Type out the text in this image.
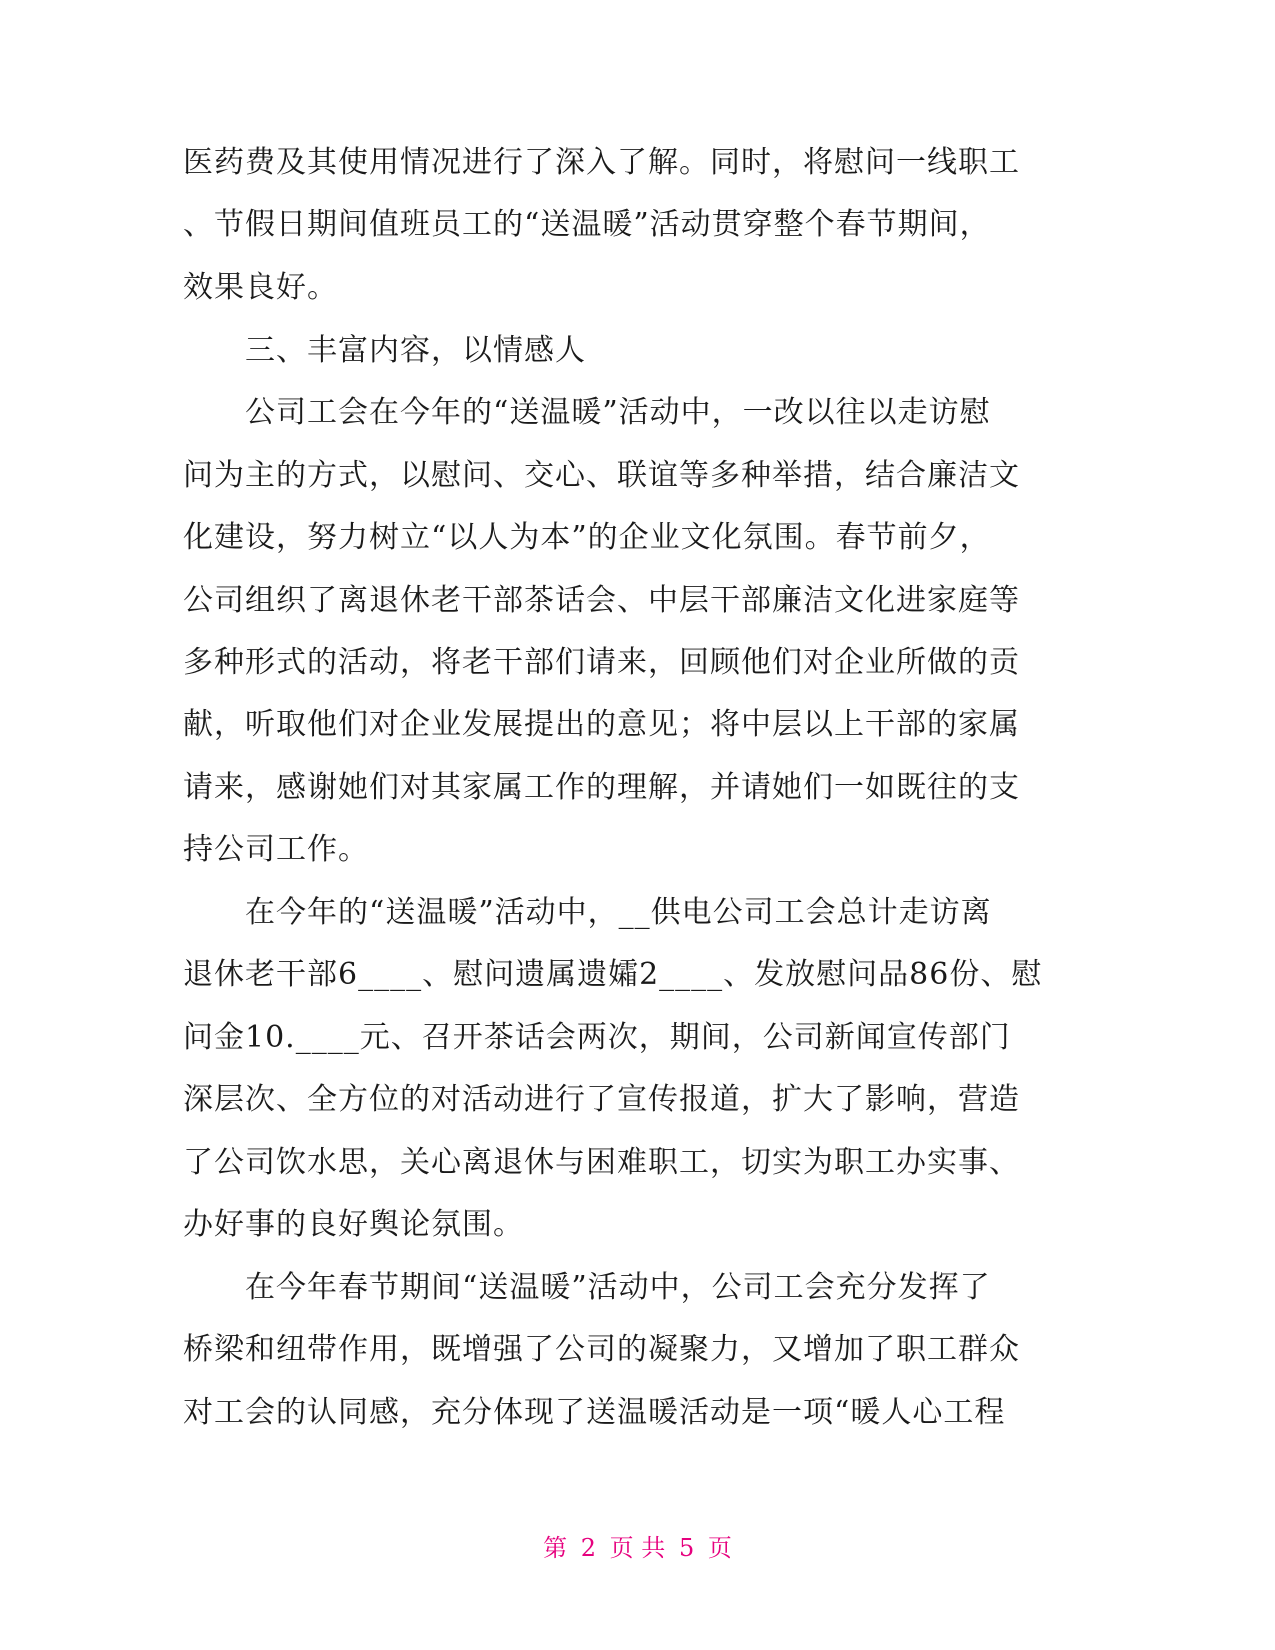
医药费及其使用情况进行了深入了解。同时，将慰问一线职工
、节假日期间值班员工的“送温暖”活动贯穿整个春节期间，
效果良好。
　　三、丰富内容，以情感人
　　公司工会在今年的“送温暖”活动中，一改以往以走访慰
问为主的方式，以慰问、交心、联谊等多种举措，结合廉洁文
化建设，努力树立“以人为本”的企业文化氛围。春节前夕，
公司组织了离退休老干部茶话会、中层干部廉洁文化进家庭等
多种形式的活动，将老干部们请来，回顾他们对企业所做的贡
献，听取他们对企业发展提出的意见；将中层以上干部的家属
请来，感谢她们对其家属工作的理解，并请她们一如既往的支
持公司工作。
　　在今年的“送温暖”活动中，__供电公司工会总计走访离
退休老干部6____、慰问遗属遗孀2____、发放慰问品86份、慰
问金10.____元、召开茶话会两次，期间，公司新闻宣传部门
深层次、全方位的对活动进行了宣传报道，扩大了影响，营造
了公司饮水思，关心离退休与困难职工，切实为职工办实事、
办好事的良好舆论氛围。
　　在今年春节期间“送温暖”活动中，公司工会充分发挥了
桥梁和纽带作用，既增强了公司的凝聚力，又增加了职工群众
对工会的认同感，充分体现了送温暖活动是一项“暖人心工程
第 2 页 共 5 页
